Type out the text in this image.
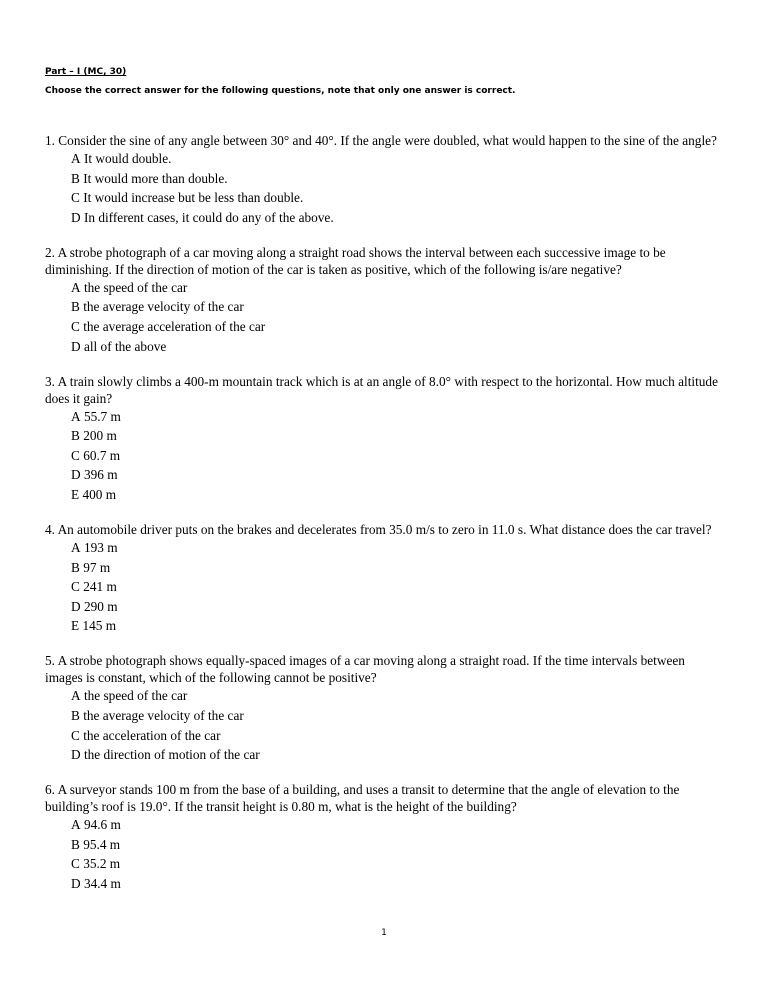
Part – I (MC, 30)
Choose the correct answer for the following questions, note that only one answer is correct.
1. Consider the sine of any angle between 30° and 40°. If the angle were doubled, what would happen to the sine of the angle?
A It would double.
B It would more than double.
C It would increase but be less than double.
D In different cases, it could do any of the above.
2. A strobe photograph of a car moving along a straight road shows the interval between each successive image to be diminishing. If the direction of motion of the car is taken as positive, which of the following is/are negative?
A the speed of the car
B the average velocity of the car
C the average acceleration of the car
D all of the above
3. A train slowly climbs a 400-m mountain track which is at an angle of 8.0° with respect to the horizontal. How much altitude does it gain?
A 55.7 m
B 200 m
C 60.7 m
D 396 m
E 400 m
4. An automobile driver puts on the brakes and decelerates from 35.0 m/s to zero in 11.0 s. What distance does the car travel?
A 193 m
B 97 m
C 241 m
D 290 m
E 145 m
5. A strobe photograph shows equally-spaced images of a car moving along a straight road. If the time intervals between images is constant, which of the following cannot be positive?
A the speed of the car
B the average velocity of the car
C the acceleration of the car
D the direction of motion of the car
6. A surveyor stands 100 m from the base of a building, and uses a transit to determine that the angle of elevation to the building’s roof is 19.0°. If the transit height is 0.80 m, what is the height of the building?
A 94.6 m
B 95.4 m
C 35.2 m
D 34.4 m
1
